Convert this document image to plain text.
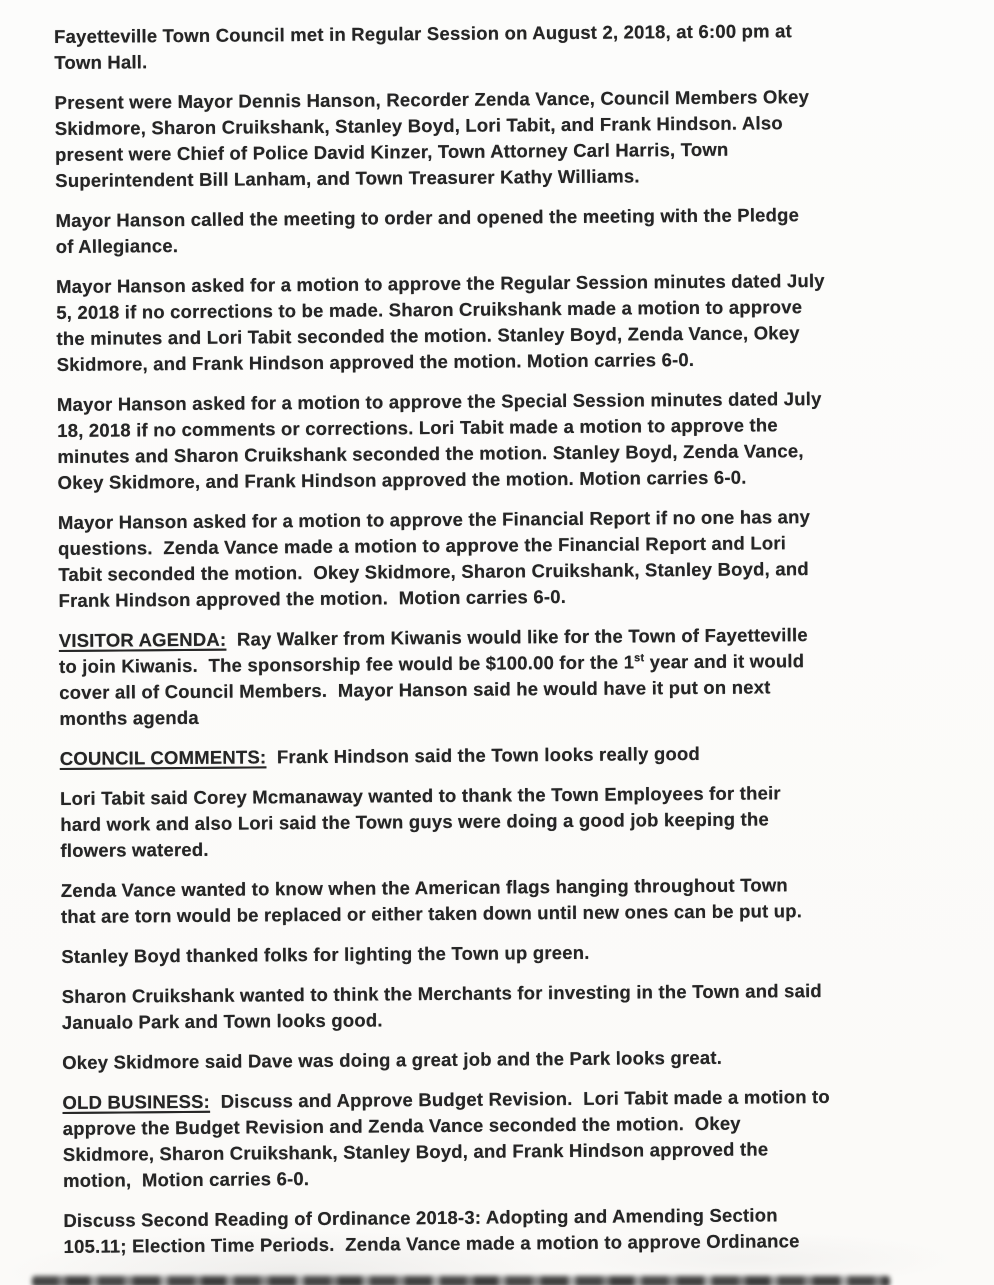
Fayetteville Town Council met in Regular Session on August 2, 2018, at 6:00 pm at
Town Hall.

Present were Mayor Dennis Hanson, Recorder Zenda Vance, Council Members Okey
Skidmore, Sharon Cruikshank, Stanley Boyd, Lori Tabit, and Frank Hindson. Also
present were Chief of Police David Kinzer, Town Attorney Carl Harris, Town
Superintendent Bill Lanham, and Town Treasurer Kathy Williams.

Mayor Hanson called the meeting to order and opened the meeting with the Pledge
of Allegiance.

Mayor Hanson asked for a motion to approve the Regular Session minutes dated July
5, 2018 if no corrections to be made. Sharon Cruikshank made a motion to approve
the minutes and Lori Tabit seconded the motion. Stanley Boyd, Zenda Vance, Okey
Skidmore, and Frank Hindson approved the motion. Motion carries 6-0.

Mayor Hanson asked for a motion to approve the Special Session minutes dated July
18, 2018 if no comments or corrections. Lori Tabit made a motion to approve the
minutes and Sharon Cruikshank seconded the motion. Stanley Boyd, Zenda Vance,
Okey Skidmore, and Frank Hindson approved the motion. Motion carries 6-0.

Mayor Hanson asked for a motion to approve the Financial Report if no one has any
questions.  Zenda Vance made a motion to approve the Financial Report and Lori
Tabit seconded the motion.  Okey Skidmore, Sharon Cruikshank, Stanley Boyd, and
Frank Hindson approved the motion.  Motion carries 6-0.

VISITOR AGENDA:  Ray Walker from Kiwanis would like for the Town of Fayetteville
to join Kiwanis.  The sponsorship fee would be $100.00 for the 1st year and it would
cover all of Council Members.  Mayor Hanson said he would have it put on next
months agenda

COUNCIL COMMENTS:  Frank Hindson said the Town looks really good

Lori Tabit said Corey Mcmanaway wanted to thank the Town Employees for their
hard work and also Lori said the Town guys were doing a good job keeping the
flowers watered.

Zenda Vance wanted to know when the American flags hanging throughout Town
that are torn would be replaced or either taken down until new ones can be put up.

Stanley Boyd thanked folks for lighting the Town up green.

Sharon Cruikshank wanted to think the Merchants for investing in the Town and said
Janualo Park and Town looks good.

Okey Skidmore said Dave was doing a great job and the Park looks great.

OLD BUSINESS:  Discuss and Approve Budget Revision.  Lori Tabit made a motion to
approve the Budget Revision and Zenda Vance seconded the motion.  Okey
Skidmore, Sharon Cruikshank, Stanley Boyd, and Frank Hindson approved the
motion,  Motion carries 6-0.

Discuss Second Reading of Ordinance 2018-3: Adopting and Amending Section
105.11; Election Time Periods.  Zenda Vance made a motion to approve Ordinance
